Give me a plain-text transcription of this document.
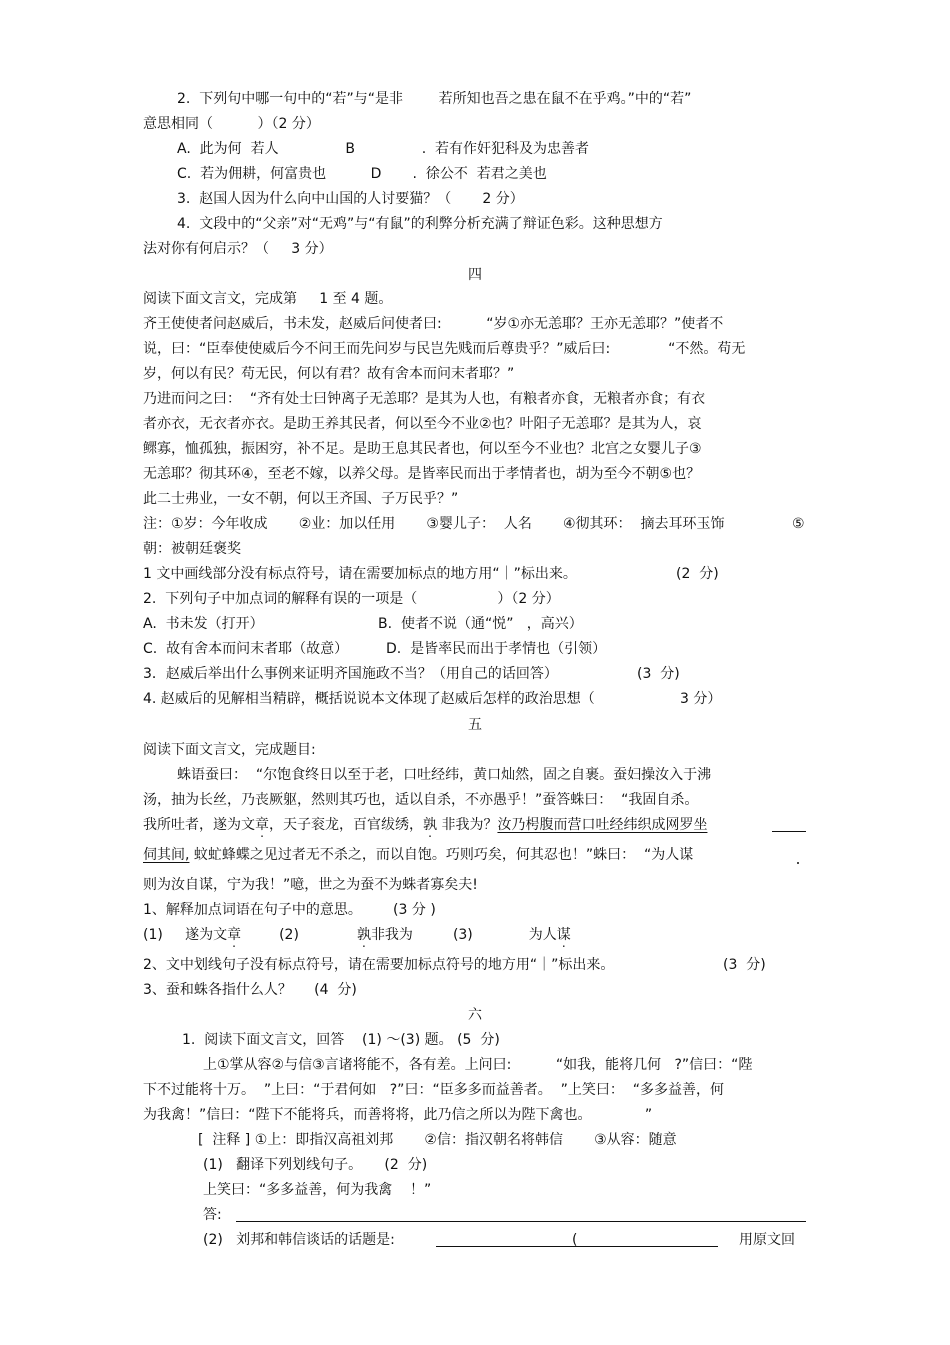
2.  下列句中哪一句中的“若”与“是非        若所知也吾之患在鼠不在乎鸡。”中的“若”
意思相同（          ）（2 分）
A.  此为何  若人               B               .  若有作奸犯科及为忠善者
C.  若为佣耕，何富贵也          D       .  徐公不  若君之美也
3.  赵国人因为什么向中山国的人讨要猫？（       2 分）
4.  文段中的“父亲”对“无鸡”与“有鼠”的利弊分析充满了辩证色彩。这种思想方
法对你有何启示？（     3 分）
四
阅读下面文言文，完成第     1 至 4 题。
齐王使使者问赵威后，书未发，赵威后问使者曰:          “岁①亦无恙耶？王亦无恙耶？”使者不
说，曰：“臣奉使使威后今不问王而先问岁与民岂先贱而后尊贵乎？”威后曰:             “不然。苟无
岁，何以有民？苟无民，何以有君？故有舍本而问末者耶？”
乃进而问之曰：  “齐有处士曰钟离子无恙耶？是其为人也，有粮者亦食，无粮者亦食；有衣
者亦衣，无衣者亦衣。是助王养其民者，何以至今不业②也？叶阳子无恙耶？是其为人，哀
鳏寡，恤孤独，振困穷，补不足。是助王息其民者也，何以至今不业也？北宫之女婴儿子③
无恙耶？彻其环④，至老不嫁，以养父母。是皆率民而出于孝情者也，胡为至今不朝⑤也？
此二士弗业，一女不朝，何以王齐国、子万民乎？”
注：①岁：今年收成       ②业：加以任用       ③婴儿子：  人名       ④彻其环：  摘去耳环玉饰	⑤
朝：被朝廷褒奖
1 文中画线部分没有标点符号，请在需要加标点的地方用“｜”标出来。	(2  分)
2.  下列句子中加点词的解释有误的一项是（                  ）（2 分）
A.  书未发（打开）	B.  使者不说（通“悦”   ，高兴）
C.  故有舍本而问末者耶（故意）	D.  是皆率民而出于孝情也（引领）
3．赵威后举出什么事例来证明齐国施政不当？（用自己的话回答）	(3  分)
4. 赵威后的见解相当精辟，概括说说本文体现了赵威后怎样的政治思想（	3 分）
五
阅读下面文言文，完成题目:
蛛语蚕曰：  “尔饱食终日以至于老，口吐经纬，黄口灿然，固之自裹。蚕妇操汝入于沸
汤，抽为长丝，乃丧厥躯，然则其巧也，适以自杀，不亦愚乎！”蚕答蛛曰：  “我固自杀。
我所吐者，遂为文章，天子衮龙，百官绂绣，孰 非我为？汝乃枵腹而营口吐经纬织成网罗坐
伺其间, 蚊虻蜂蝶之见过者无不杀之，而以自饱。巧则巧矣，何其忍也！”蛛曰：  “为人谋
则为汝自谋，宁为我！”噫，世之为蚕不为蛛者寡矣夫!
1、解释加点词语在句子中的意思。       (3 分 )
(1)     遂为文章	(2)	孰非我为	(3)	为人谋
2、文中划线句子没有标点符号，请在需要加标点符号的地方用“｜”标出来。	(3  分)
3、蚕和蛛各指什么人？     (4  分)
六
1.  阅读下面文言文，回答    (1) ～(3) 题。 (5  分)
上①掌从容②与信③言诸将能不，各有差。上问曰:          “如我，能将几何   ?”信曰：“陛
下不过能将十万。  ”上曰：“于君何如   ?”曰：“臣多多而益善者。  ”上笑曰：  “多多益善，何
为我禽！”信曰：“陛下不能将兵，而善将将，此乃信之所以为陛下禽也。            ”
[  注释 ] ①上：即指汉高祖刘邦       ②信：指汉朝名将韩信       ③从容：随意
(1)   翻译下列划线句子。     (2  分)
上笑曰：“多多益善，何为我禽    ！”
答:
(2)   刘邦和韩信谈话的话题是:	(	用原文回
